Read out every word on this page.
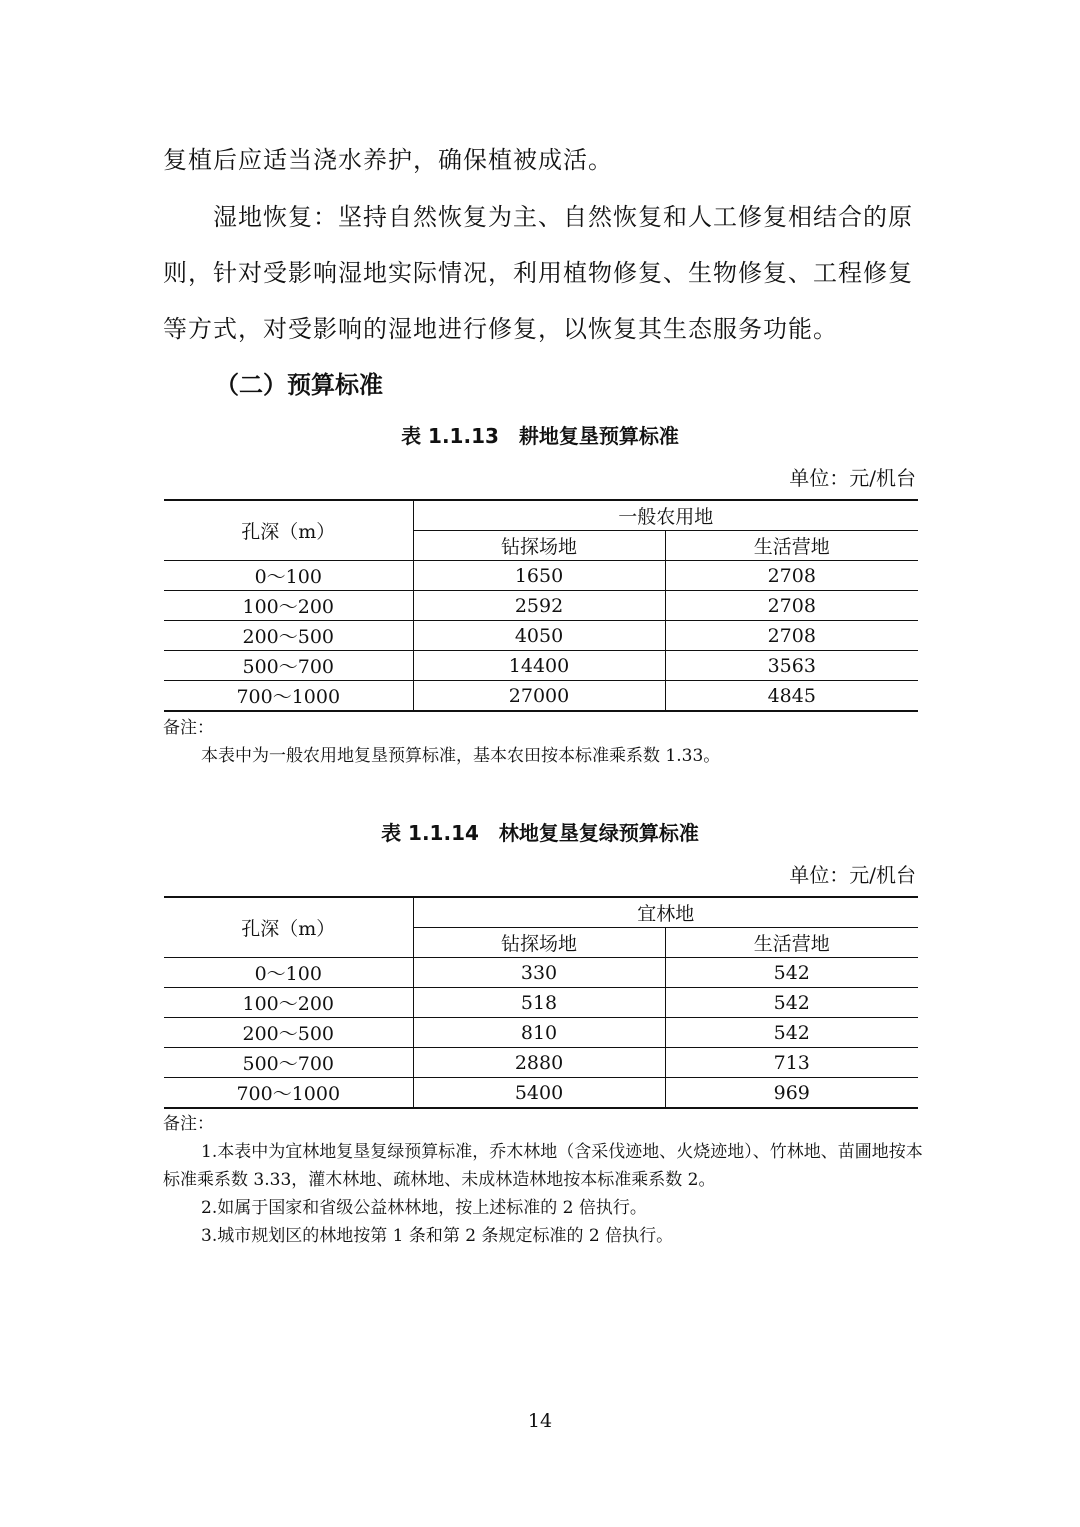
复植后应适当浇水养护，确保植被成活。

湿地恢复：坚持自然恢复为主、自然恢复和人工修复相结合的原则，针对受影响湿地实际情况，利用植物修复、生物修复、工程修复等方式，对受影响的湿地进行修复，以恢复其生态服务功能。

（二）预算标准

表 1.1.13　耕地复垦预算标准

单位：元/机台

孔深（m）	一般农用地	
	钻探场地	生活营地
0～100	1650	2708
100～200	2592	2708
200～500	4050	2708
500～700	14400	3563
700～1000	27000	4845
备注：
本表中为一般农用地复垦预算标准，基本农田按本标准乘系数 1.33。

表 1.1.14　林地复垦复绿预算标准

单位：元/机台

孔深（m）	宜林地	
	钻探场地	生活营地
0～100	330	542
100～200	518	542
200～500	810	542
500～700	2880	713
700～1000	5400	969
备注：
1.本表中为宜林地复垦复绿预算标准，乔木林地（含采伐迹地、火烧迹地）、竹林地、苗圃地按本标准乘系数 3.33，灌木林地、疏林地、未成林造林地按本标准乘系数 2。
2.如属于国家和省级公益林林地，按上述标准的 2 倍执行。
3.城市规划区的林地按第 1 条和第 2 条规定标准的 2 倍执行。

14
